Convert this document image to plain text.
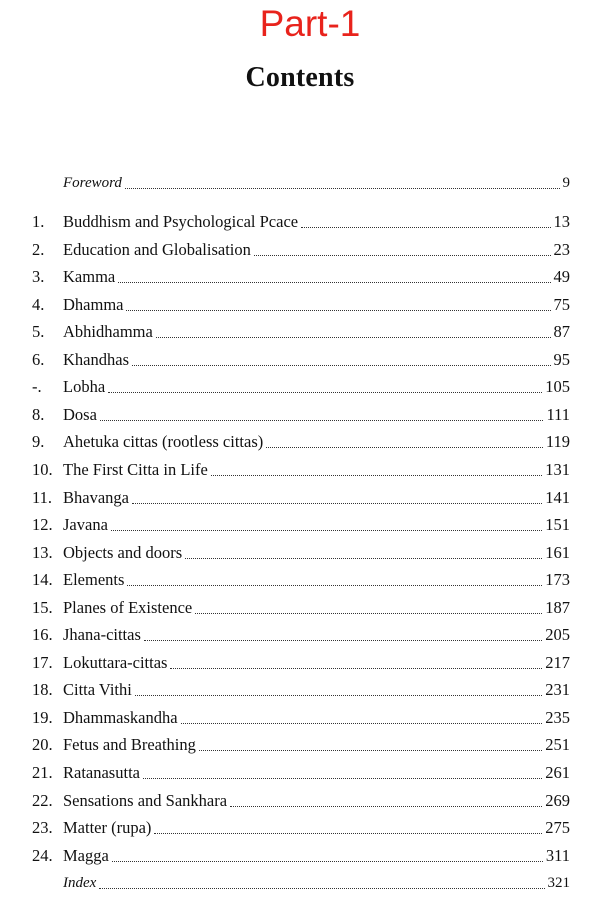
Part-1
Contents
Foreword	9
1.	Buddhism and Psychological Pcace	13
2.	Education and Globalisation	23
3.	Kamma	49
4.	Dhamma	75
5.	Abhidhamma	87
6.	Khandhas	95
-.	Lobha	105
8.	Dosa	111
9.	Ahetuka cittas (rootless cittas)	119
10. The First Citta in Life	131
11. Bhavanga	141
12. Javana	151
13. Objects and doors	161
14. Elements	173
15. Planes of Existence	187
16. Jhana-cittas	205
17. Lokuttara-cittas	217
18. Citta Vithi	231
19. Dhammaskandha	235
20. Fetus and Breathing	251
21. Ratanasutta	261
22. Sensations and Sankhara	269
23. Matter (rupa)	275
24. Magga	311
Index	321
